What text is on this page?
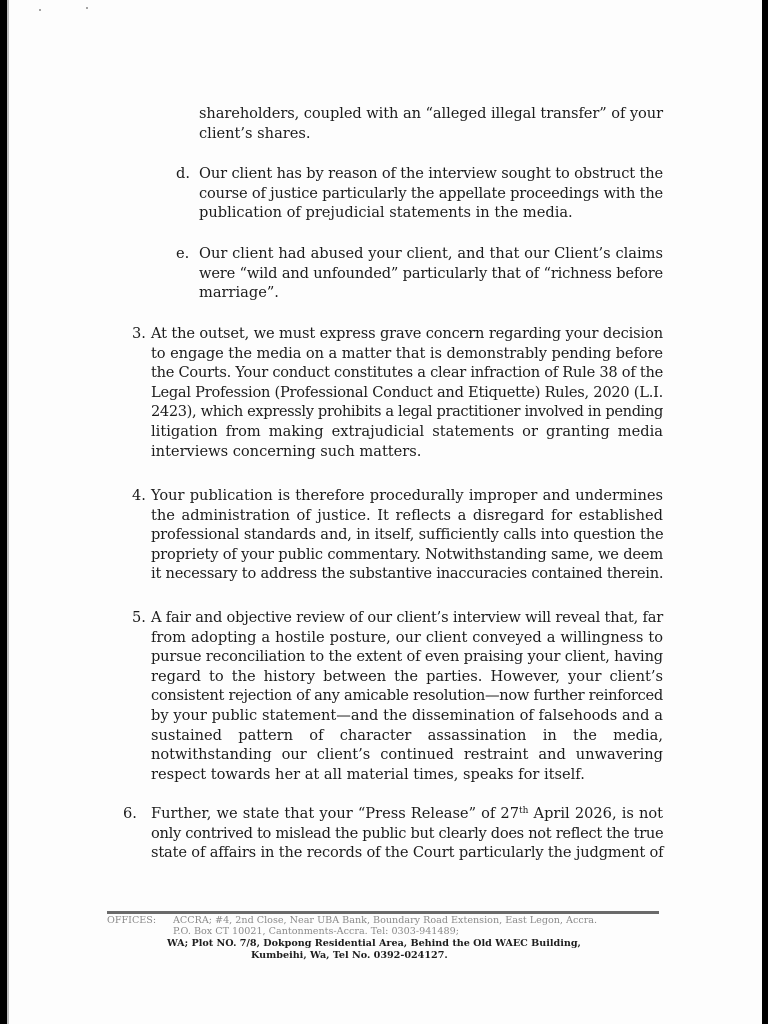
shareholders, coupled with an “alleged illegal transfer” of your
client’s shares.
d. Our client has by reason of the interview sought to obstruct the
course of justice particularly the appellate proceedings with the
publication of prejudicial statements in the media.
e. Our client had abused your client, and that our Client’s claims
were “wild and unfounded” particularly that of “richness before
marriage”.
3. At the outset, we must express grave concern regarding your decision
to engage the media on a matter that is demonstrably pending before
the Courts. Your conduct constitutes a clear infraction of Rule 38 of the
Legal Profession (Professional Conduct and Etiquette) Rules, 2020 (L.I.
2423), which expressly prohibits a legal practitioner involved in pending
litigation from making extrajudicial statements or granting media
interviews concerning such matters.
4. Your publication is therefore procedurally improper and undermines
the administration of justice. It reflects a disregard for established
professional standards and, in itself, sufficiently calls into question the
propriety of your public commentary. Notwithstanding same, we deem
it necessary to address the substantive inaccuracies contained therein.
5. A fair and objective review of our client’s interview will reveal that, far
from adopting a hostile posture, our client conveyed a willingness to
pursue reconciliation to the extent of even praising your client, having
regard to the history between the parties. However, your client’s
consistent rejection of any amicable resolution—now further reinforced
by your public statement—and the dissemination of falsehoods and a
sustained pattern of character assassination in the media,
notwithstanding our client’s continued restraint and unwavering
respect towards her at all material times, speaks for itself.
6. Further, we state that your “Press Release” of 27th April 2026, is not
only contrived to mislead the public but clearly does not reflect the true
state of affairs in the records of the Court particularly the judgment of
OFFICES: ACCRA; #4, 2nd Close, Near UBA Bank, Boundary Road Extension, East Legon, Accra.
P.O. Box CT 10021, Cantonments-Accra. Tel: 0303-941489;
WA; Plot NO. 7/8, Dokpong Residential Area, Behind the Old WAEC Building,
Kumbeihi, Wa, Tel No. 0392-024127.
